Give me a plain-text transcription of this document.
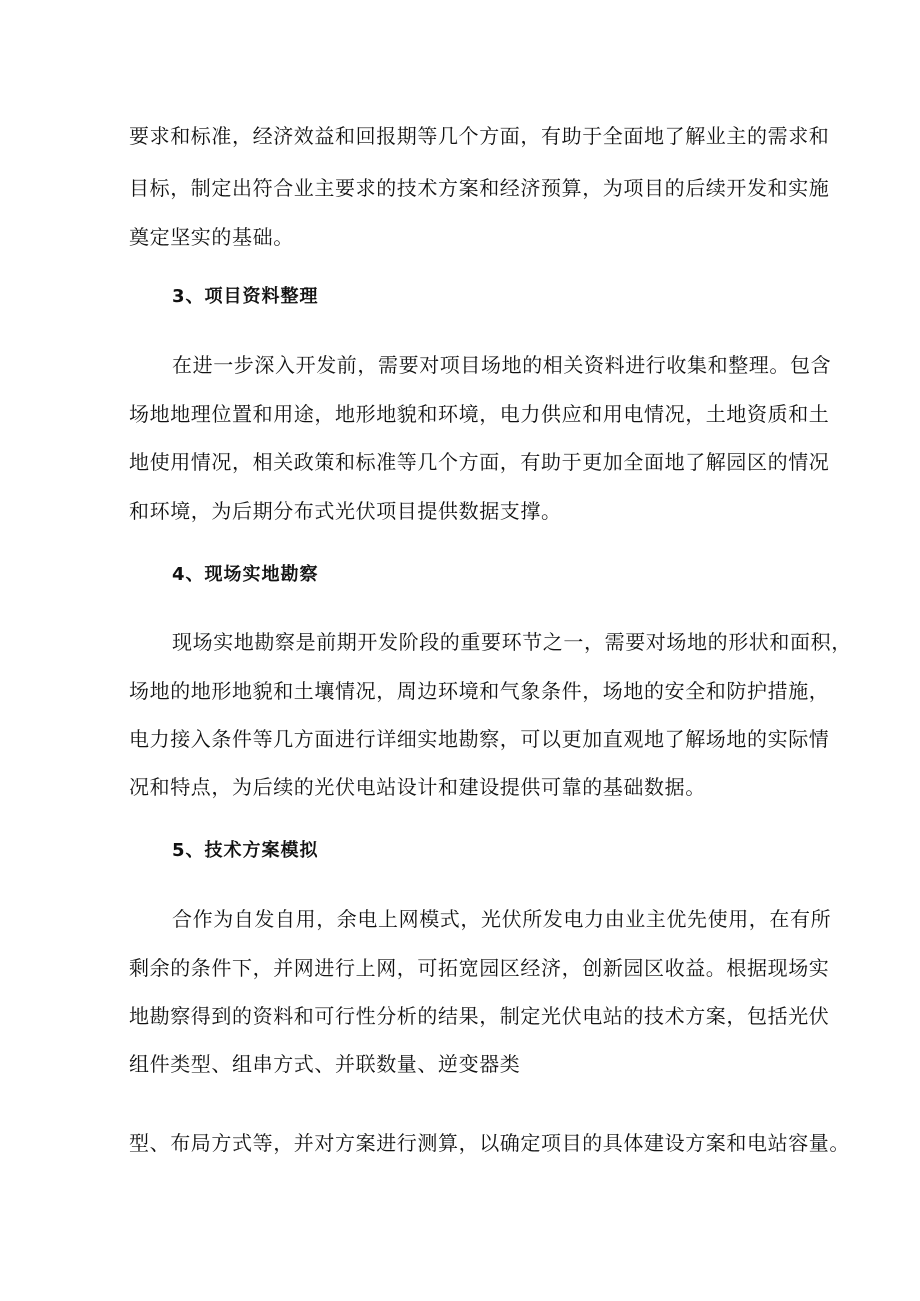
要求和标准，经济效益和回报期等几个方面，有助于全面地了解业主的需求和
目标，制定出符合业主要求的技术方案和经济预算，为项目的后续开发和实施
奠定坚实的基础。
3、项目资料整理
在进一步深入开发前，需要对项目场地的相关资料进行收集和整理。包含
场地地理位置和用途，地形地貌和环境，电力供应和用电情况，土地资质和土
地使用情况，相关政策和标准等几个方面，有助于更加全面地了解园区的情况
和环境，为后期分布式光伏项目提供数据支撑。
4、现场实地勘察
现场实地勘察是前期开发阶段的重要环节之一，需要对场地的形状和面积，
场地的地形地貌和土壤情况，周边环境和气象条件，场地的安全和防护措施，
电力接入条件等几方面进行详细实地勘察，可以更加直观地了解场地的实际情
况和特点，为后续的光伏电站设计和建设提供可靠的基础数据。
5、技术方案模拟
合作为自发自用，余电上网模式，光伏所发电力由业主优先使用，在有所
剩余的条件下，并网进行上网，可拓宽园区经济，创新园区收益。根据现场实
地勘察得到的资料和可行性分析的结果，制定光伏电站的技术方案，包括光伏
组件类型、组串方式、并联数量、逆变器类
型、布局方式等，并对方案进行测算，以确定项目的具体建设方案和电站容量。
